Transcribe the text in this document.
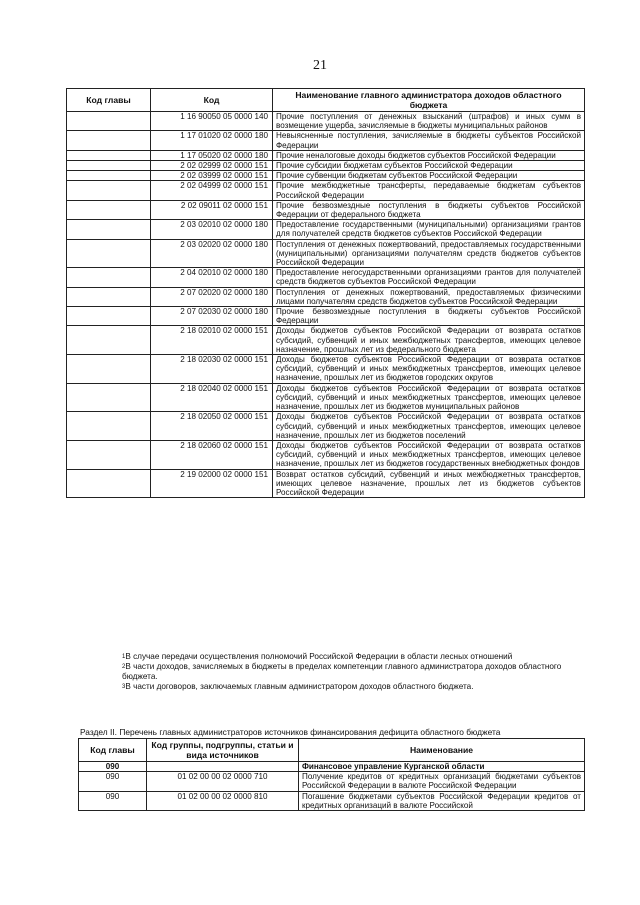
21
Код главы	Код	Наименование главного администратора доходов областного бюджета
	1 16 90050 05 0000 140	Прочие поступления от денежных взысканий (штрафов) и иных сумм в возмещение ущерба, зачисляемые в бюджеты муниципальных районов
	1 17 01020 02 0000 180	Невыясненные поступления, зачисляемые в бюджеты субъектов Российской Федерации
	1 17 05020 02 0000 180	Прочие неналоговые доходы бюджетов субъектов Российской Федерации
	2 02 02999 02 0000 151	Прочие субсидии бюджетам субъектов Российской Федерации
	2 02 03999 02 0000 151	Прочие субвенции бюджетам субъектов Российской Федерации
	2 02 04999 02 0000 151	Прочие межбюджетные трансферты, передаваемые бюджетам субъектов Российской Федерации
	2 02 09011 02 0000 151	Прочие безвозмездные поступления в бюджеты субъектов Российской Федерации от федерального бюджета
	2 03 02010 02 0000 180	Предоставление государственными (муниципальными) организациями грантов для получателей средств бюджетов субъектов Российской Федерации
	2 03 02020 02 0000 180	Поступления от денежных пожертвований, предоставляемых государственными (муниципальными) организациями получателям средств бюджетов субъектов Российской Федерации
	2 04 02010 02 0000 180	Предоставление негосударственными организациями грантов для получателей средств бюджетов субъектов Российской Федерации
	2 07 02020 02 0000 180	Поступления от денежных пожертвований, предоставляемых физическими лицами получателям средств бюджетов субъектов Российской Федерации
	2 07 02030 02 0000 180	Прочие безвозмездные поступления в бюджеты субъектов Российской Федерации
	2 18 02010 02 0000 151	Доходы бюджетов субъектов Российской Федерации от возврата остатков субсидий, субвенций и иных межбюджетных трансфертов, имеющих целевое назначение, прошлых лет из федерального бюджета
	2 18 02030 02 0000 151	Доходы бюджетов субъектов Российской Федерации от возврата остатков субсидий, субвенций и иных межбюджетных трансфертов, имеющих целевое назначение, прошлых лет из бюджетов городских округов
	2 18 02040 02 0000 151	Доходы бюджетов субъектов Российской Федерации от возврата остатков субсидий, субвенций и иных межбюджетных трансфертов, имеющих целевое назначение, прошлых лет из бюджетов муниципальных районов
	2 18 02050 02 0000 151	Доходы бюджетов субъектов Российской Федерации от возврата остатков субсидий, субвенций и иных межбюджетных трансфертов, имеющих целевое назначение, прошлых лет из бюджетов поселений
	2 18 02060 02 0000 151	Доходы бюджетов субъектов Российской Федерации от возврата остатков субсидий, субвенций и иных межбюджетных трансфертов, имеющих целевое назначение, прошлых лет из бюджетов государственных внебюджетных фондов
	2 19 02000 02 0000 151	Возврат остатков субсидий, субвенций и иных межбюджетных трансфертов, имеющих целевое назначение, прошлых лет из бюджетов субъектов Российской Федерации

$^1$В случае передачи осуществления полномочий Российской Федерации в области лесных отношений

$^2$В части доходов, зачисляемых в бюджеты в пределах компетенции главного администратора доходов областного бюджета.

$^3$В части договоров, заключаемых главным администратором доходов областного бюджета.

Раздел II. Перечень главных администраторов источников финансирования дефицита областного бюджета
Код главы	Код группы, подгруппы, статьи и вида источников	Наименование
090		Финансовое управление Курганской области
090	01 02 00 00 02 0000 710	Получение кредитов от кредитных организаций бюджетами субъектов Российской Федерации в валюте Российской Федерации
090	01 02 00 00 02 0000 810	Погашение бюджетами субъектов Российской Федерации кредитов от кредитных организаций в валюте Российской
